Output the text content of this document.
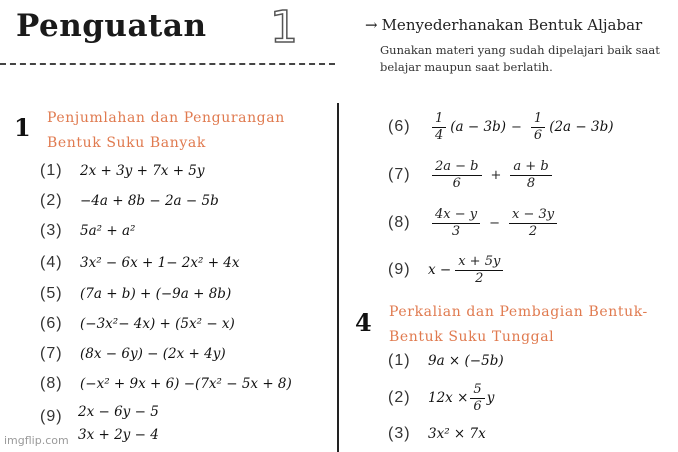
Penguatan 1	→ Menyederhanakan Bentuk Aljabar
Gunakan materi yang sudah dipelajari baik saat belajar maupun saat berlatih.
1 Penjumlahan dan Pengurangan
Bentuk Suku Banyak
(1)	2x + 3y + 7x + 5y
(2)	−4a + 8b − 2a − 5b
(3)	5a² + a²
(4)	3x² − 6x + 1− 2x² + 4x
(5)	(7a + b) + (−9a + 8b)
(6)	(−3x²− 4x) + (5x² − x)
(7)	(8x − 6y) − (2x + 4y)
(8)	(−x² + 9x + 6) −(7x² − 5x + 8)
(9)	2x − 6y − 5
3x + 2y − 4
(6)	$\frac{1}{4} (a - 3b) - \frac{1}{6} (2a - 3b)$
(7)	$\frac{2a - b}{6} + \frac{a + b}{8}$
(8)	$\frac{4x - y}{3} - \frac{x - 3y}{2}$
(9)	$x - \frac{x + 5y}{2}$
4 Perkalian dan Pembagian Bentuk-
Bentuk Suku Tunggal
(1)	9a × (−5b)
(2)	$12x \times \frac{5}{6}$ y
(3)	3x² × 7x
imgflip.com
